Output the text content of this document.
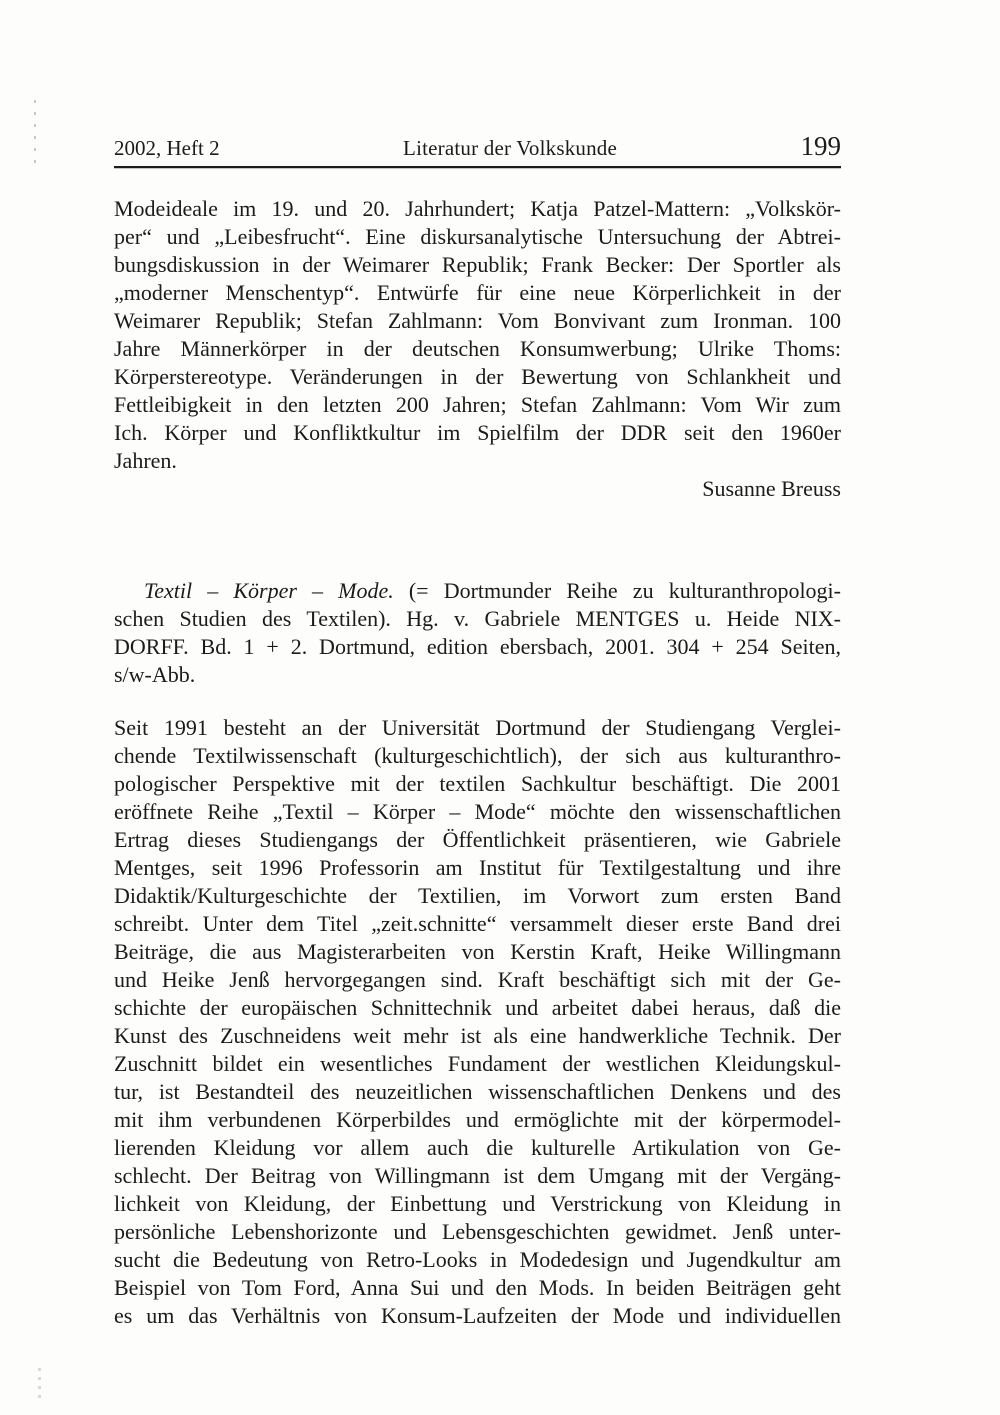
2002, Heft 2	Literatur der Volkskunde	199
Modeideale im 19. und 20. Jahrhundert; Katja Patzel-Mattern: „Volkskör-
per“ und „Leibesfrucht“. Eine diskursanalytische Untersuchung der Abtrei-
bungsdiskussion in der Weimarer Republik; Frank Becker: Der Sportler als
„moderner Menschentyp“. Entwürfe für eine neue Körperlichkeit in der
Weimarer Republik; Stefan Zahlmann: Vom Bonvivant zum Ironman. 100
Jahre Männerkörper in der deutschen Konsumwerbung; Ulrike Thoms:
Körperstereotype. Veränderungen in der Bewertung von Schlankheit und
Fettleibigkeit in den letzten 200 Jahren; Stefan Zahlmann: Vom Wir zum
Ich. Körper und Konfliktkultur im Spielfilm der DDR seit den 1960er
Jahren.
Susanne Breuss
Textil – Körper – Mode. (= Dortmunder Reihe zu kulturanthropologi-
schen Studien des Textilen). Hg. v. Gabriele MENTGES u. Heide NIX-
DORFF. Bd. 1 + 2. Dortmund, edition ebersbach, 2001. 304 + 254 Seiten,
s/w-Abb.
Seit 1991 besteht an der Universität Dortmund der Studiengang Verglei-
chende Textilwissenschaft (kulturgeschichtlich), der sich aus kulturanthro-
pologischer Perspektive mit der textilen Sachkultur beschäftigt. Die 2001
eröffnete Reihe „Textil – Körper – Mode“ möchte den wissenschaftlichen
Ertrag dieses Studiengangs der Öffentlichkeit präsentieren, wie Gabriele
Mentges, seit 1996 Professorin am Institut für Textilgestaltung und ihre
Didaktik/Kulturgeschichte der Textilien, im Vorwort zum ersten Band
schreibt. Unter dem Titel „zeit.schnitte“ versammelt dieser erste Band drei
Beiträge, die aus Magisterarbeiten von Kerstin Kraft, Heike Willingmann
und Heike Jenß hervorgegangen sind. Kraft beschäftigt sich mit der Ge-
schichte der europäischen Schnittechnik und arbeitet dabei heraus, daß die
Kunst des Zuschneidens weit mehr ist als eine handwerkliche Technik. Der
Zuschnitt bildet ein wesentliches Fundament der westlichen Kleidungskul-
tur, ist Bestandteil des neuzeitlichen wissenschaftlichen Denkens und des
mit ihm verbundenen Körperbildes und ermöglichte mit der körpermodel-
lierenden Kleidung vor allem auch die kulturelle Artikulation von Ge-
schlecht. Der Beitrag von Willingmann ist dem Umgang mit der Vergäng-
lichkeit von Kleidung, der Einbettung und Verstrickung von Kleidung in
persönliche Lebenshorizonte und Lebensgeschichten gewidmet. Jenß unter-
sucht die Bedeutung von Retro-Looks in Modedesign und Jugendkultur am
Beispiel von Tom Ford, Anna Sui und den Mods. In beiden Beiträgen geht
es um das Verhältnis von Konsum-Laufzeiten der Mode und individuellen
